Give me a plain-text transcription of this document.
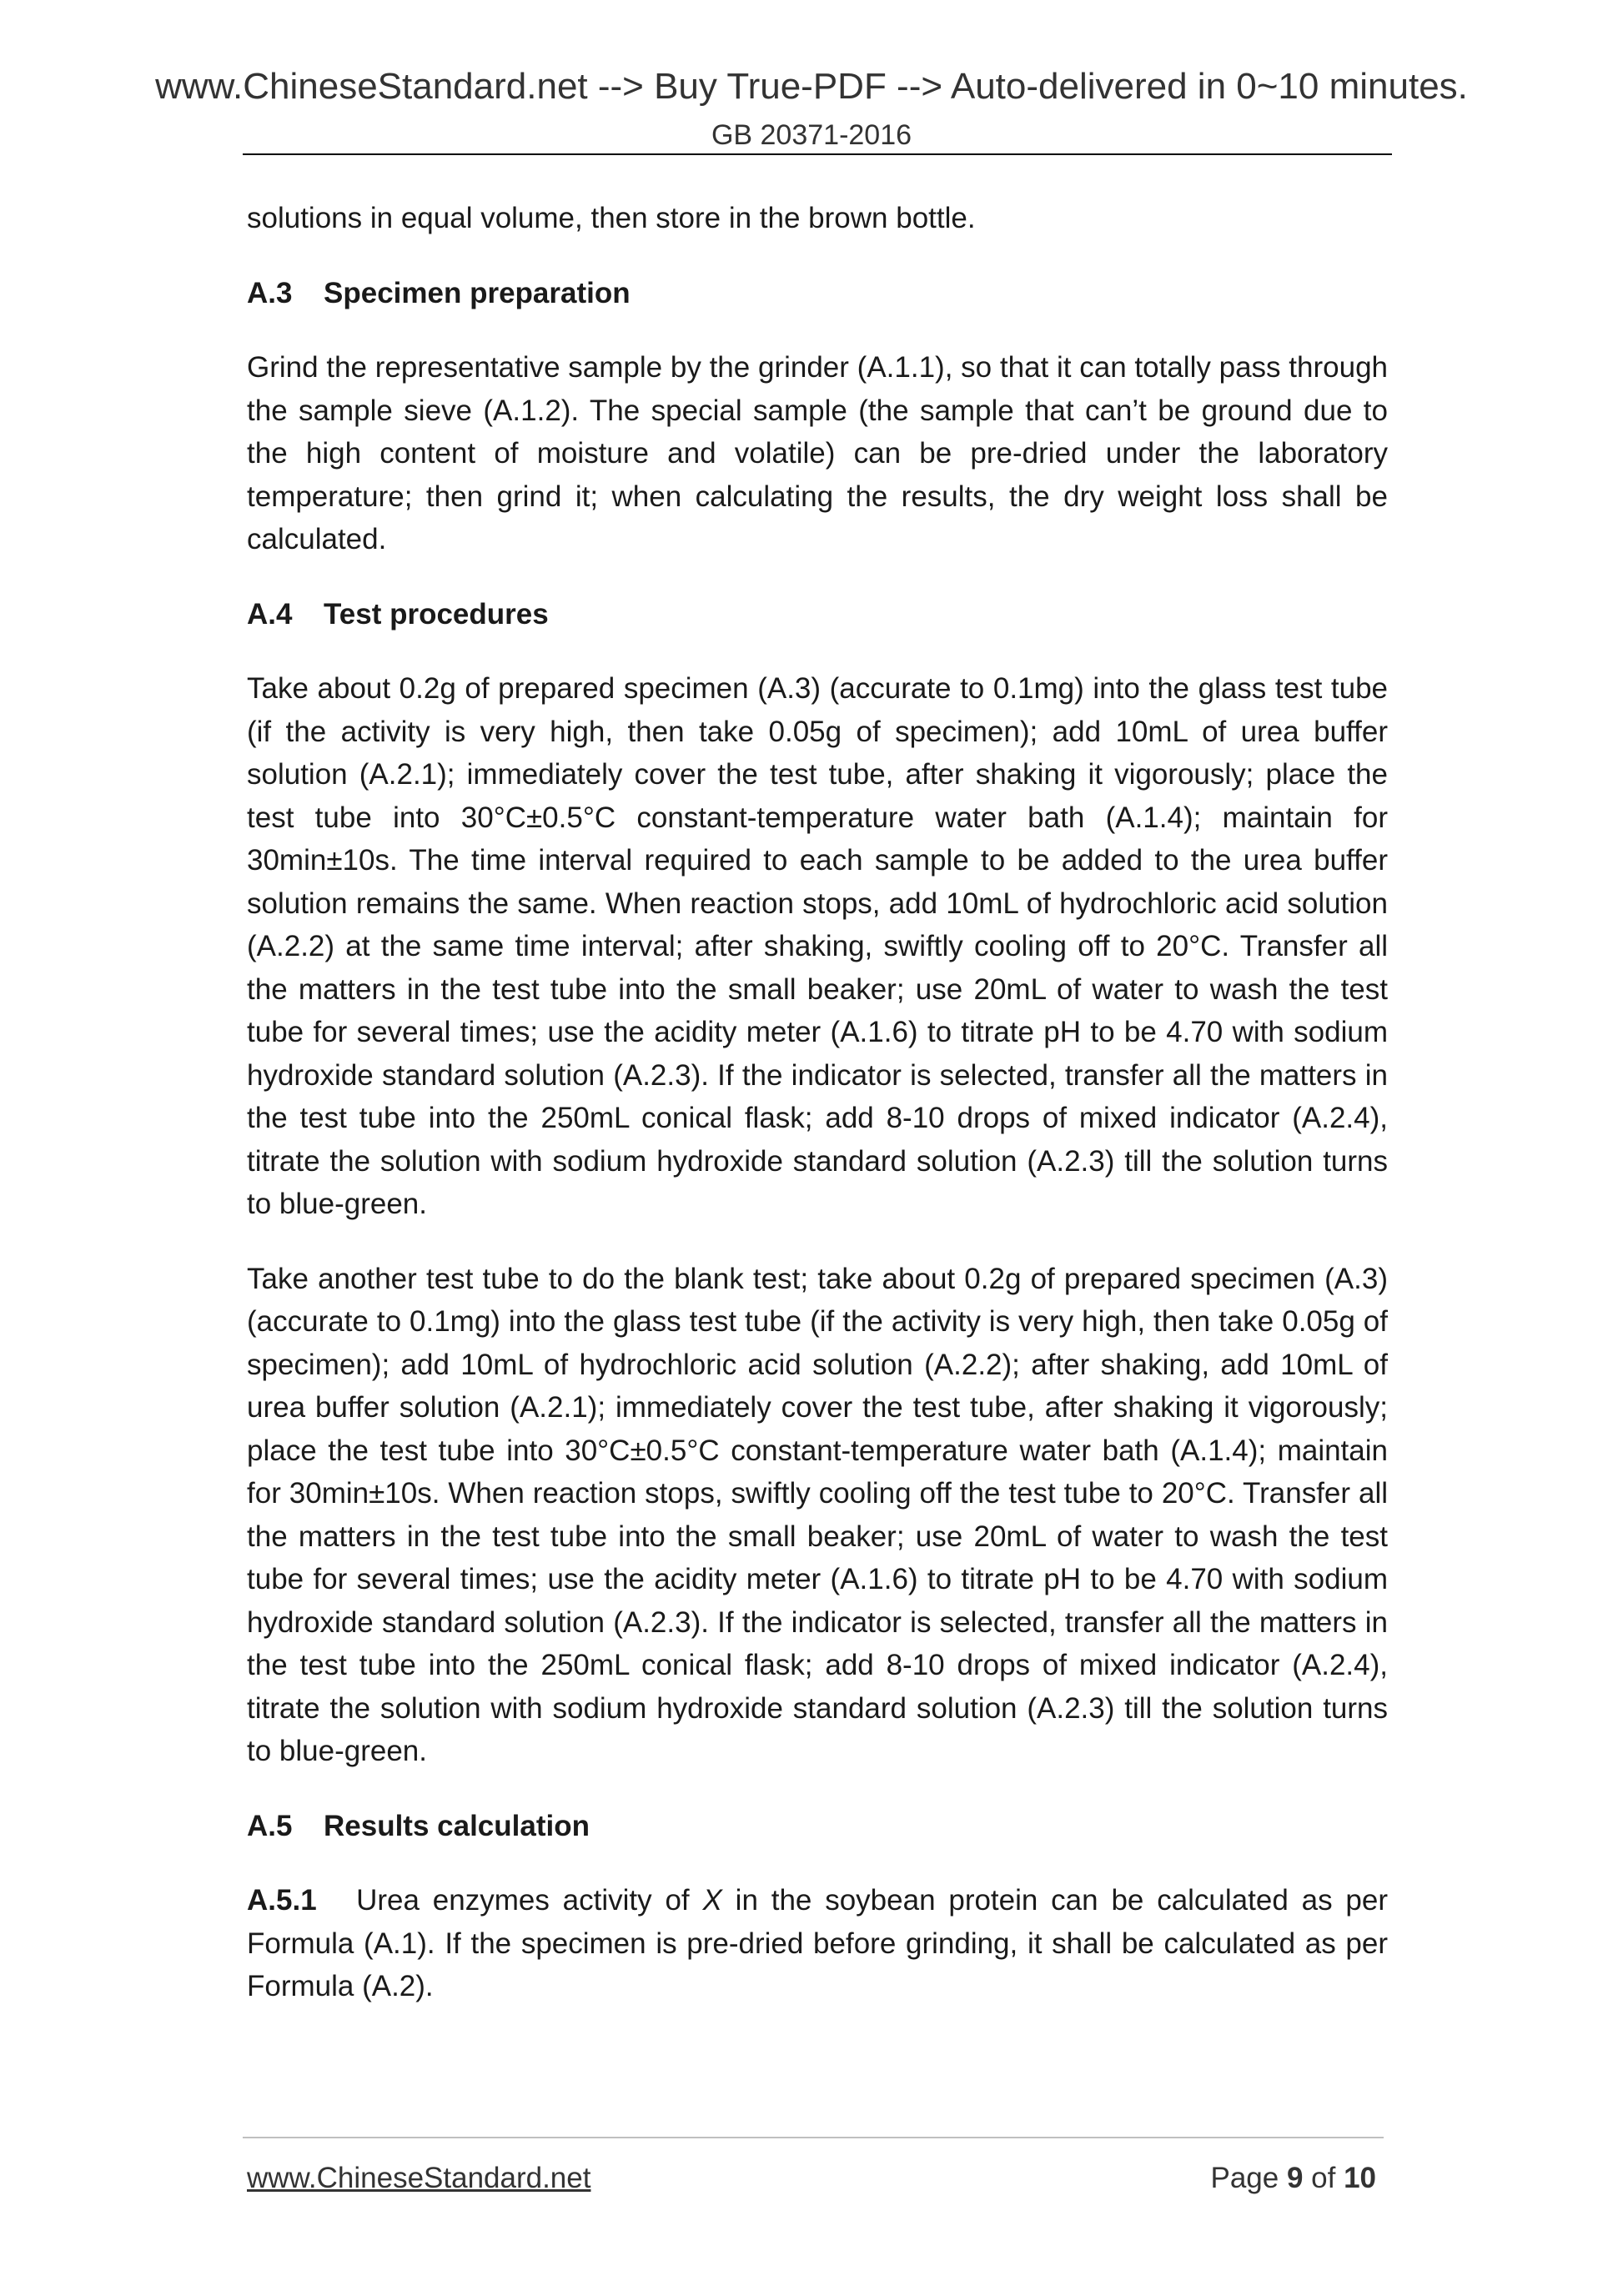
www.ChineseStandard.net --> Buy True-PDF --> Auto-delivered in 0~10 minutes.
GB 20371-2016

solutions in equal volume, then store in the brown bottle.

A.3 Specimen preparation

Grind the representative sample by the grinder (A.1.1), so that it can totally pass through the sample sieve (A.1.2). The special sample (the sample that can’t be ground due to the high content of moisture and volatile) can be pre-dried under the laboratory temperature; then grind it; when calculating the results, the dry weight loss shall be calculated.

A.4 Test procedures

Take about 0.2g of prepared specimen (A.3) (accurate to 0.1mg) into the glass test tube (if the activity is very high, then take 0.05g of specimen); add 10mL of urea buffer solution (A.2.1); immediately cover the test tube, after shaking it vigorously; place the test tube into 30°C±0.5°C constant-temperature water bath (A.1.4); maintain for 30min±10s. The time interval required to each sample to be added to the urea buffer solution remains the same. When reaction stops, add 10mL of hydrochloric acid solution (A.2.2) at the same time interval; after shaking, swiftly cooling off to 20°C. Transfer all the matters in the test tube into the small beaker; use 20mL of water to wash the test tube for several times; use the acidity meter (A.1.6) to titrate pH to be 4.70 with sodium hydroxide standard solution (A.2.3). If the indicator is selected, transfer all the matters in the test tube into the 250mL conical flask; add 8-10 drops of mixed indicator (A.2.4), titrate the solution with sodium hydroxide standard solution (A.2.3) till the solution turns to blue-green.

Take another test tube to do the blank test; take about 0.2g of prepared specimen (A.3) (accurate to 0.1mg) into the glass test tube (if the activity is very high, then take 0.05g of specimen); add 10mL of hydrochloric acid solution (A.2.2); after shaking, add 10mL of urea buffer solution (A.2.1); immediately cover the test tube, after shaking it vigorously; place the test tube into 30°C±0.5°C constant-temperature water bath (A.1.4); maintain for 30min±10s. When reaction stops, swiftly cooling off the test tube to 20°C. Transfer all the matters in the test tube into the small beaker; use 20mL of water to wash the test tube for several times; use the acidity meter (A.1.6) to titrate pH to be 4.70 with sodium hydroxide standard solution (A.2.3). If the indicator is selected, transfer all the matters in the test tube into the 250mL conical flask; add 8-10 drops of mixed indicator (A.2.4), titrate the solution with sodium hydroxide standard solution (A.2.3) till the solution turns to blue-green.

A.5 Results calculation

A.5.1 Urea enzymes activity of X in the soybean protein can be calculated as per Formula (A.1). If the specimen is pre-dried before grinding, it shall be calculated as per Formula (A.2).

www.ChineseStandard.net	Page 9 of 10
